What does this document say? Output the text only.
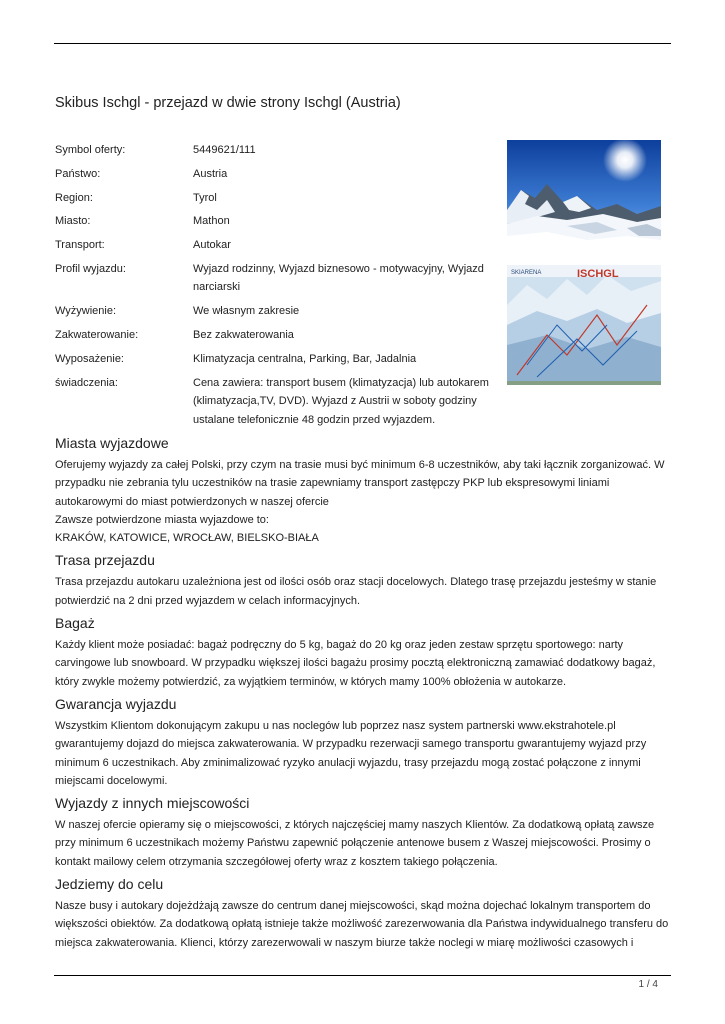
Skibus Ischgl - przejazd w dwie strony Ischgl (Austria)
Symbol oferty:	5449621/111
Państwo:	Austria
Region:	Tyrol
Miasto:	Mathon
Transport:	Autokar
Profil wyjazdu:	Wyjazd rodzinny, Wyjazd biznesowo - motywacyjny, Wyjazd narciarski
Wyżywienie:	We własnym zakresie
Zakwaterowanie:	Bez zakwaterowania
Wyposażenie:	Klimatyzacja centralna, Parking, Bar, Jadalnia
świadczenia:	Cena zawiera: transport busem (klimatyzacja) lub autokarem (klimatyzacja,TV, DVD). Wyjazd z Austrii w soboty godziny ustalane telefonicznie 48 godzin przed wyjazdem.
SKIARENA	ISCHGL
Miasta wyjazdowe

Oferujemy wyjazdy za całej Polski, przy czym na trasie musi być minimum 6-8 uczestników, aby taki łącznik zorganizować. W przypadku nie zebrania tylu uczestników na trasie zapewniamy transport zastępczy PKP lub ekspresowymi liniami autokarowymi do miast potwierdzonych w naszej ofercie

Zawsze potwierdzone miasta wyjazdowe to:

KRAKÓW, KATOWICE, WROCŁAW, BIELSKO-BIAŁA

Trasa przejazdu

Trasa przejazdu autokaru uzależniona jest od ilości osób oraz stacji docelowych. Dlatego trasę przejazdu jesteśmy w stanie potwierdzić na 2 dni przed wyjazdem w celach informacyjnych.

Bagaż

Każdy klient może posiadać: bagaż podręczny do 5 kg, bagaż do 20 kg oraz jeden zestaw sprzętu sportowego: narty carvingowe lub snowboard. W przypadku większej ilości bagażu prosimy pocztą elektroniczną zamawiać dodatkowy bagaż, który zwykle możemy potwierdzić, za wyjątkiem terminów, w których mamy 100% obłożenia w autokarze.

Gwarancja wyjazdu

Wszystkim Klientom dokonującym zakupu u nas noclegów lub poprzez nasz system partnerski www.ekstrahotele.pl gwarantujemy dojazd do miejsca zakwaterowania. W przypadku rezerwacji samego transportu gwarantujemy wyjazd przy minimum 6 uczestnikach. Aby zminimalizować ryzyko anulacji wyjazdu, trasy przejazdu mogą zostać połączone z innymi miejscami docelowymi.

Wyjazdy z innych miejscowości

W naszej ofercie opieramy się o miejscowości, z których najczęściej mamy naszych Klientów. Za dodatkową opłatą zawsze przy minimum 6 uczestnikach możemy Państwu zapewnić połączenie antenowe busem z Waszej miejscowości. Prosimy o kontakt mailowy celem otrzymania szczegółowej oferty wraz z kosztem takiego połączenia.

Jedziemy do celu

Nasze busy i autokary dojeżdżają zawsze do centrum danej miejscowości, skąd można dojechać lokalnym transportem do większości obiektów. Za dodatkową opłatą istnieje także możliwość zarezerwowania dla Państwa indywidualnego transferu do miejsca zakwaterowania. Klienci, którzy zarezerwowali w naszym biurze także noclegi w miarę możliwości czasowych i

1 / 4
